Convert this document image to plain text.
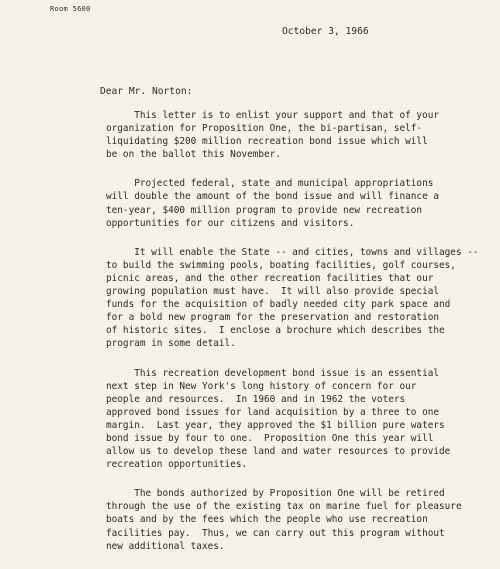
Room 5600
October 3, 1966
Dear Mr. Norton:

This letter is to enlist your support and that of your
organization for Proposition One, the bi-partisan, self-
liquidating $200 million recreation bond issue which will
be on the ballot this November.

Projected federal, state and municipal appropriations
will double the amount of the bond issue and will finance a
ten-year, $400 million program to provide new recreation
opportunities for our citizens and visitors.

It will enable the State -- and cities, towns and villages --
to build the swimming pools, boating facilities, golf courses,
picnic areas, and the other recreation facilities that our
growing population must have.  It will also provide special
funds for the acquisition of badly needed city park space and
for a bold new program for the preservation and restoration
of historic sites.  I enclose a brochure which describes the
program in some detail.

This recreation development bond issue is an essential
next step in New York's long history of concern for our
people and resources.  In 1960 and in 1962 the voters
approved bond issues for land acquisition by a three to one
margin.  Last year, they approved the $1 billion pure waters
bond issue by four to one.  Proposition One this year will
allow us to develop these land and water resources to provide
recreation opportunities.

The bonds authorized by Proposition One will be retired
through the use of the existing tax on marine fuel for pleasure
boats and by the fees which the people who use recreation
facilities pay.  Thus, we can carry out this program without
new additional taxes.
